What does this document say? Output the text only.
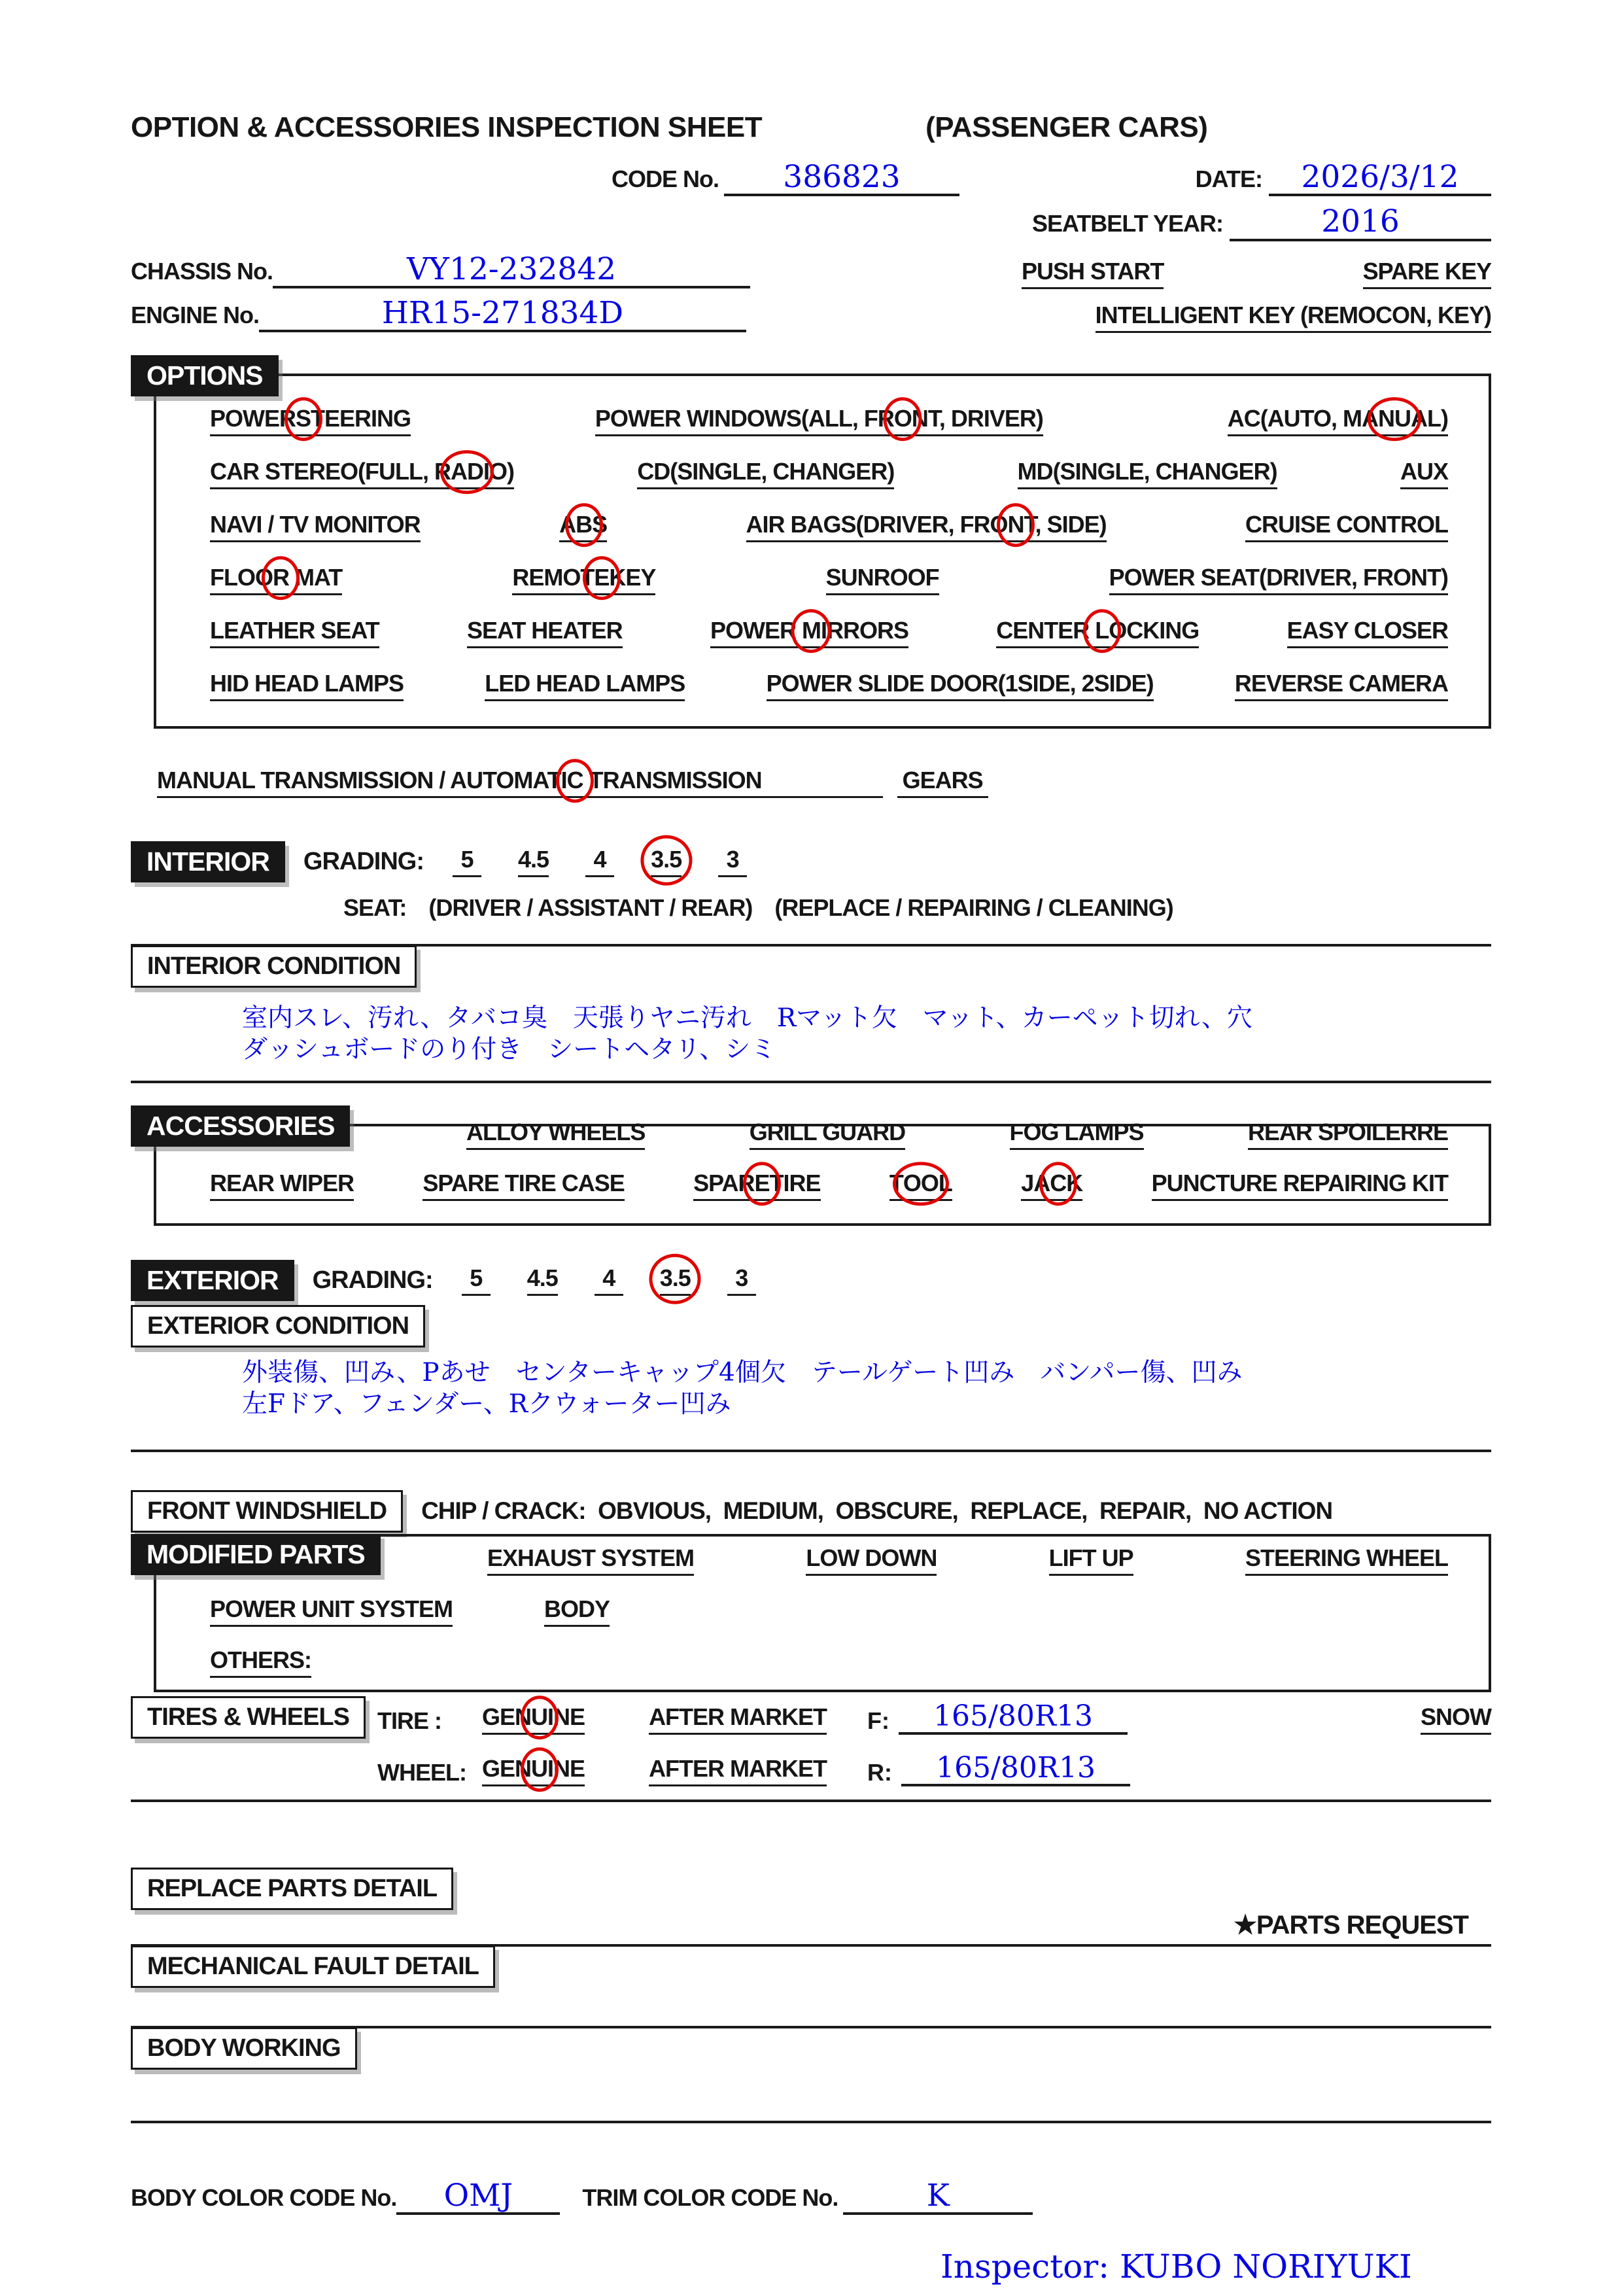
OPTION & ACCESSORIES INSPECTION SHEET	(PASSENGER CARS)
CODE No.	386823	DATE:	2026/3/12
SEATBELT YEAR:	2016
CHASSIS No.	VY12-232842	PUSH START	SPARE KEY
ENGINE No.	HR15-271834D	INTELLIGENT KEY (REMOCON, KEY)
OPTIONS
POWERSTEERING	POWER WINDOWS(ALL, FRONT, DRIVER)	AC(AUTO, MANUAL)
CAR STEREO(FULL, RADIO)	CD(SINGLE, CHANGER)	MD(SINGLE, CHANGER)	AUX
NAVI / TV MONITOR	ABS	AIR BAGS(DRIVER, FRONT, SIDE)	CRUISE CONTROL
FLOOR MAT	REMOTEKEY	SUNROOF	POWER SEAT(DRIVER, FRONT)
LEATHER SEAT	SEAT HEATER	POWER MIRRORS	CENTER LOCKING	EASY CLOSER
HID HEAD LAMPS	LED HEAD LAMPS	POWER SLIDE DOOR(1SIDE, 2SIDE)	REVERSE CAMERA
MANUAL TRANSMISSION / AUTOMATIC TRANSMISSION	GEARS
INTERIOR	GRADING:	5	4.5	4	3.5	3
SEAT: (DRIVER / ASSISTANT / REAR) (REPLACE / REPAIRING / CLEANING)
INTERIOR CONDITION
室内スレ、汚れ、タバコ臭　天張りヤニ汚れ　Rマット欠　マット、カーペット切れ、穴
ダッシュボードのり付き　シートヘタリ、シミ
ACCESSORIES	ALLOY WHEELS	GRILL GUARD	FOG LAMPS	REAR SPOILERRE
REAR WIPER	SPARE TIRE CASE	SPARETIRE	TOOL	JACK	PUNCTURE REPAIRING KIT
EXTERIOR	GRADING:	5	4.5	4	3.5	3
EXTERIOR CONDITION
外装傷、凹み、Pあせ　センターキャップ4個欠　テールゲート凹み　バンパー傷、凹み
左Fドア、フェンダー、Rクウォーター凹み
FRONT WINDSHIELD	CHIP / CRACK:  OBVIOUS,  MEDIUM,  OBSCURE,  REPLACE,  REPAIR,  NO ACTION
MODIFIED PARTS	EXHAUST SYSTEM	LOW DOWN	LIFT UP	STEERING WHEEL
POWER UNIT SYSTEM	BODY
OTHERS:
TIRES & WHEELS	TIRE :	GENUINE	AFTER MARKET F:	165/80R13	SNOW
WHEEL: GENUINE	AFTER MARKET R:	165/80R13
REPLACE PARTS DETAIL
★PARTS REQUEST
MECHANICAL FAULT DETAIL
BODY WORKING
BODY COLOR CODE No.	OMJ	TRIM COLOR CODE No.	K
Inspector: KUBO NORIYUKI
